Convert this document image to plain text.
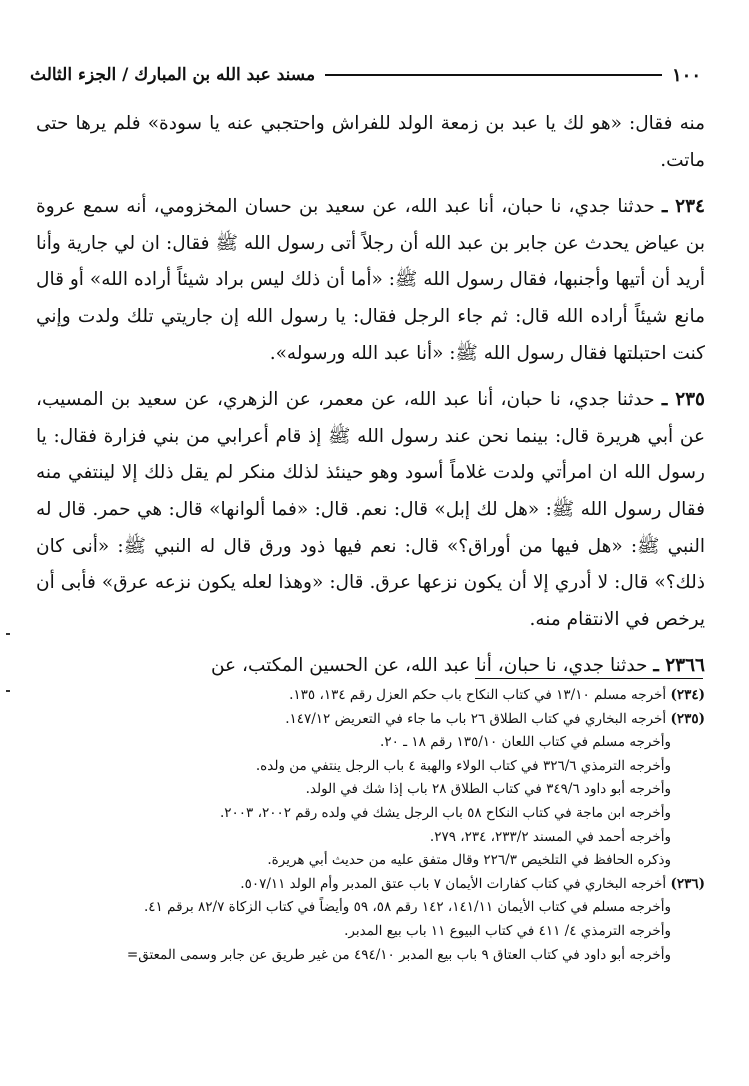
١٠٠
مسند عبد الله بن المبارك / الجزء الثالث

منه فقال: «هو لك يا عبد بن زمعة الولد للفراش واحتجبي عنه يا سودة» فلم يرها حتى ماتت.

٢٣٤ ـ حدثنا جدي، نا حبان، أنا عبد الله، عن سعيد بن حسان المخزومي، أنه سمع عروة بن عياض يحدث عن جابر بن عبد الله أن رجلاً أتى رسول الله ﷺ فقال: ان لي جارية وأنا أريد أن أتيها وأجنبها، فقال رسول الله ﷺ: «أما أن ذلك ليس براد شيئاً أراده الله» أو قال مانع شيئاً أراده الله قال: ثم جاء الرجل فقال: يا رسول الله إن جاريتي تلك ولدت وإني كنت احتبلتها فقال رسول الله ﷺ: «أنا عبد الله ورسوله».

٢٣٥ ـ حدثنا جدي، نا حبان، أنا عبد الله، عن معمر، عن الزهري، عن سعيد بن المسيب، عن أبي هريرة قال: بينما نحن عند رسول الله ﷺ إذ قام أعرابي من بني فزارة فقال: يا رسول الله ان امرأتي ولدت غلاماً أسود وهو حينئذ لذلك منكر لم يقل ذلك إلا لينتفي منه فقال رسول الله ﷺ: «هل لك إبل» قال: نعم. قال: «فما ألوانها» قال: هي حمر. قال له النبي ﷺ: «هل فيها من أوراق؟» قال: نعم فيها ذود ورق قال له النبي ﷺ: «أنى كان ذلك؟» قال: لا أدري إلا أن يكون نزعها عرق. قال: «وهذا لعله يكون نزعه عرق» فأبى أن يرخص في الانتقام منه.

٢٣٦٦ ـ حدثنا جدي، نا حبان، أنا عبد الله، عن الحسين المكتب، عن

(٢٣٤) أخرجه مسلم ١٣/١٠ في كتاب النكاح باب حكم العزل رقم ١٣٤، ١٣٥.

(٢٣٥) أخرجه البخاري في كتاب الطلاق ٢٦ باب ما جاء في التعريض ١٤٧/١٢.

وأخرجه مسلم في كتاب اللعان ١٣٥/١٠ رقم ١٨ ـ ٢٠.

وأخرجه الترمذي ٣٢٦/٦ في كتاب الولاء والهبة ٤ باب الرجل ينتفي من ولده.

وأخرجه أبو داود ٣٤٩/٦ في كتاب الطلاق ٢٨ باب إذا شك في الولد.

وأخرجه ابن ماجة في كتاب النكاح ٥٨ باب الرجل يشك في ولده رقم ٢٠٠٢، ٢٠٠٣.

وأخرجه أحمد في المسند ٢٣٣/٢، ٢٣٤، ٢٧٩.

وذكره الحافظ في التلخيص ٢٢٦/٣ وقال متفق عليه من حديث أبي هريرة.

(٢٣٦) أخرجه البخاري في كتاب كفارات الأيمان ٧ باب عتق المدبر وأم الولد ٥٠٧/١١.

وأخرجه مسلم في كتاب الأيمان ١٤١/١١، ١٤٢ رقم ٥٨، ٥٩ وأيضاً في كتاب الزكاة ٨٢/٧ برقم ٤١.

وأخرجه الترمذي ٤/ ٤١١ في كتاب البيوع ١١ باب بيع المدبر.

وأخرجه أبو داود في كتاب العتاق ٩ باب بيع المدبر ٤٩٤/١٠ من غير طريق عن جابر وسمى المعتق=
